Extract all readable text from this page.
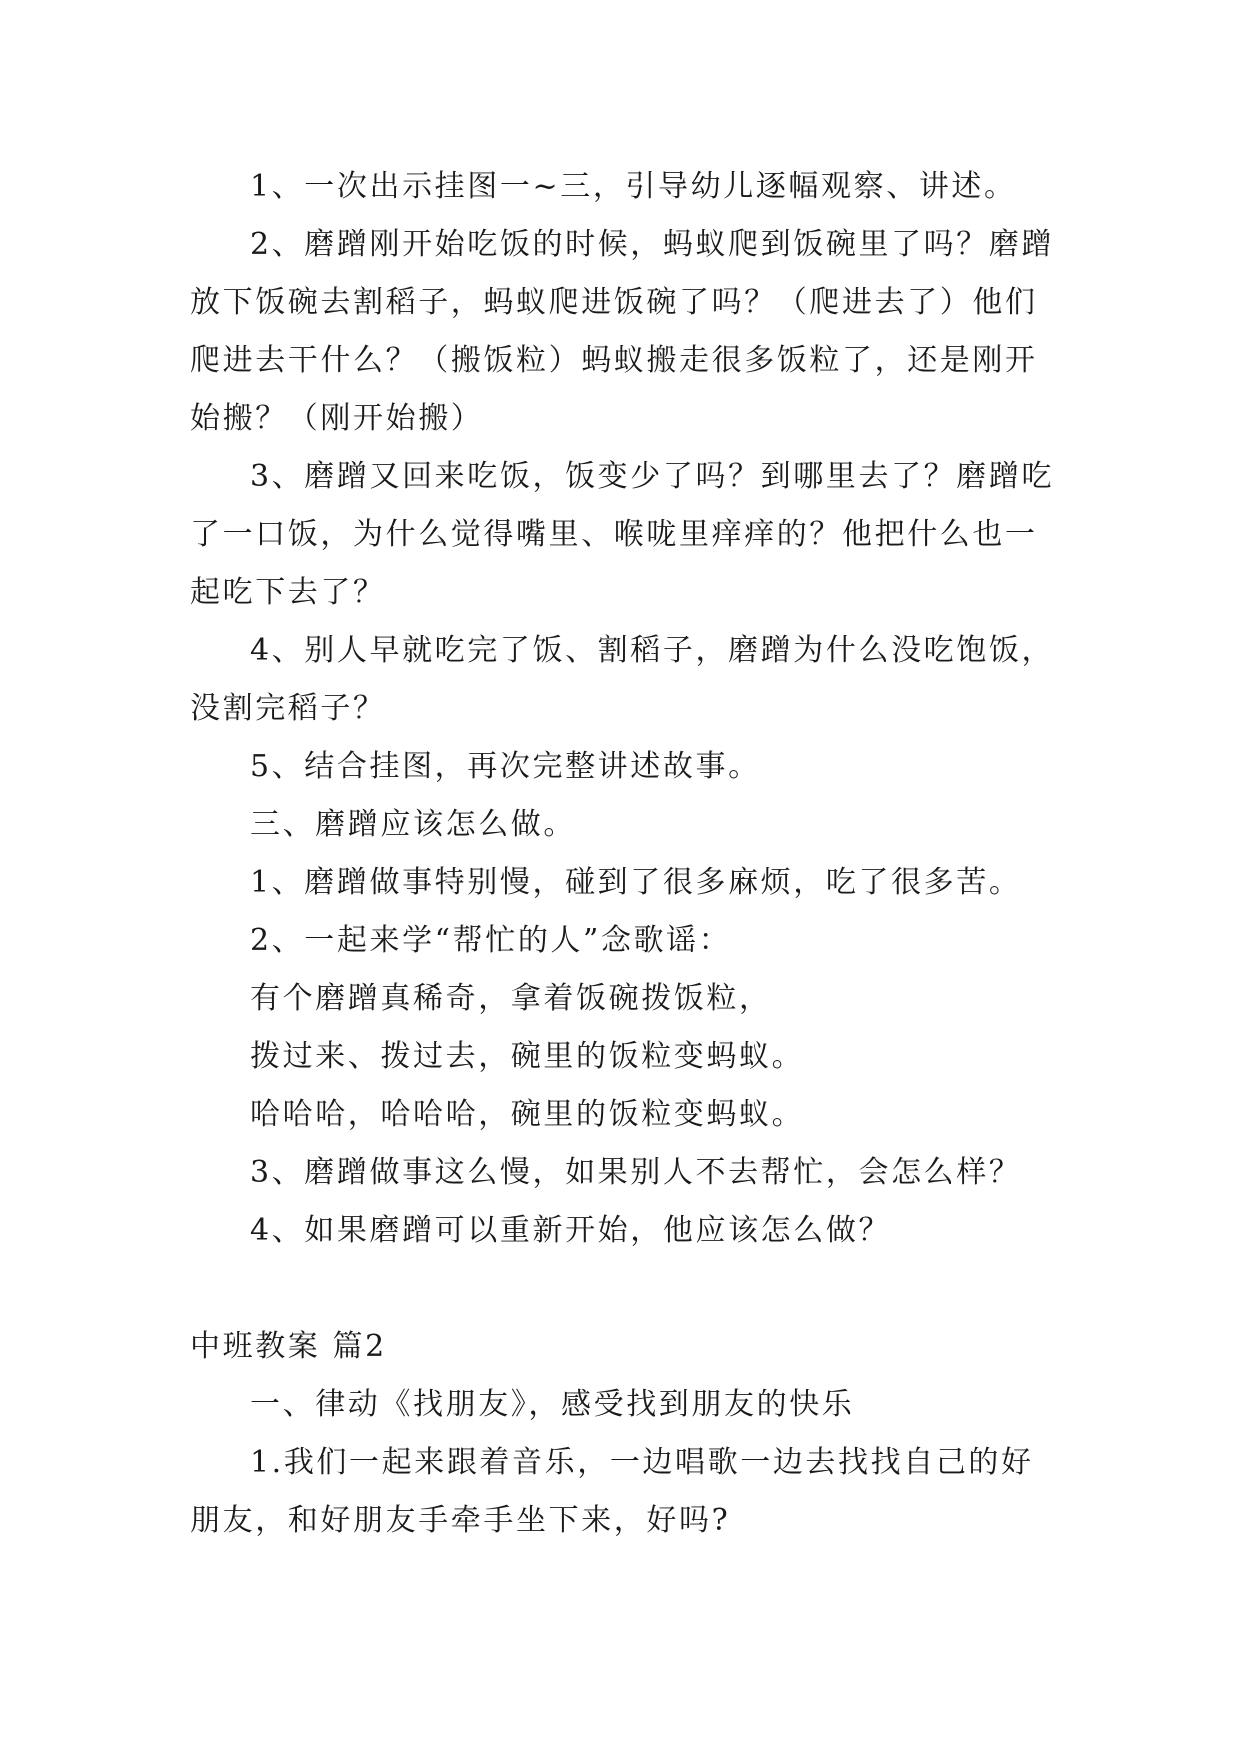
1、一次出示挂图一~三，引导幼儿逐幅观察、讲述。

2、磨蹭刚开始吃饭的时候，蚂蚁爬到饭碗里了吗？磨蹭放下饭碗去割稻子，蚂蚁爬进饭碗了吗？（爬进去了）他们爬进去干什么？（搬饭粒）蚂蚁搬走很多饭粒了，还是刚开始搬？（刚开始搬）

3、磨蹭又回来吃饭，饭变少了吗？到哪里去了？磨蹭吃了一口饭，为什么觉得嘴里、喉咙里痒痒的？他把什么也一起吃下去了？

4、别人早就吃完了饭、割稻子，磨蹭为什么没吃饱饭，没割完稻子？

5、结合挂图，再次完整讲述故事。

三、磨蹭应该怎么做。

1、磨蹭做事特别慢，碰到了很多麻烦，吃了很多苦。

2、一起来学“帮忙的人”念歌谣：

有个磨蹭真稀奇，拿着饭碗拨饭粒，

拨过来、拨过去，碗里的饭粒变蚂蚁。

哈哈哈，哈哈哈，碗里的饭粒变蚂蚁。

3、磨蹭做事这么慢，如果别人不去帮忙，会怎么样？

4、如果磨蹭可以重新开始，他应该怎么做？

中班教案 篇2

一、律动《找朋友》，感受找到朋友的快乐

1.我们一起来跟着音乐，一边唱歌一边去找找自己的好朋友，和好朋友手牵手坐下来，好吗?
